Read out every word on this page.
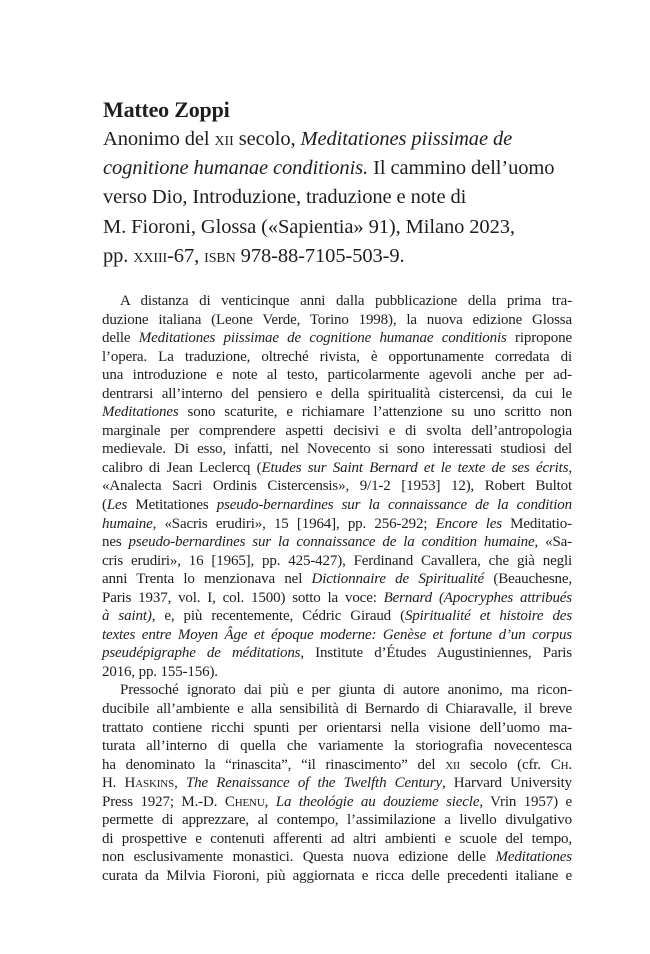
Matteo Zoppi
Anonimo del xii secolo, Meditationes piissimae de
cognitione humanae conditionis. Il cammino dell’uomo
verso Dio, Introduzione, traduzione e note di
M. Fioroni, Glossa («Sapientia» 91), Milano 2023,
pp. xxiii-67, isbn 978-88-7105-503-9.
A distanza di venticinque anni dalla pubblicazione della prima tra-
duzione italiana (Leone Verde, Torino 1998), la nuova edizione Glossa
delle Meditationes piissimae de cognitione humanae conditionis ripropone
l’opera. La traduzione, oltreché rivista, è opportunamente corredata di
una introduzione e note al testo, particolarmente agevoli anche per ad-
dentrarsi all’interno del pensiero e della spiritualità cistercensi, da cui le
Meditationes sono scaturite, e richiamare l’attenzione su uno scritto non
marginale per comprendere aspetti decisivi e di svolta dell’antropologia
medievale. Di esso, infatti, nel Novecento si sono interessati studiosi del
calibro di Jean Leclercq (Etudes sur Saint Bernard et le texte de ses écrits,
«Analecta Sacri Ordinis Cistercensis», 9/1-2 [1953] 12), Robert Bultot
(Les Metitationes pseudo-bernardines sur la connaissance de la condition
humaine, «Sacris erudiri», 15 [1964], pp. 256-292; Encore les Meditatio-
nes pseudo-bernardines sur la connaissance de la condition humaine, «Sa-
cris erudiri», 16 [1965], pp. 425-427), Ferdinand Cavallera, che già negli
anni Trenta lo menzionava nel Dictionnaire de Spiritualité (Beauchesne,
Paris 1937, vol. I, col. 1500) sotto la voce: Bernard (Apocryphes attribués
à saint), e, più recentemente, Cédric Giraud (Spiritualité et histoire des
textes entre Moyen Âge et époque moderne: Genèse et fortune d’un corpus
pseudépigraphe de méditations, Institute d’Études Augustiniennes, Paris
2016, pp. 155-156).
Pressoché ignorato dai più e per giunta di autore anonimo, ma ricon-
ducibile all’ambiente e alla sensibilità di Bernardo di Chiaravalle, il breve
trattato contiene ricchi spunti per orientarsi nella visione dell’uomo ma-
turata all’interno di quella che variamente la storiografia novecentesca
ha denominato la “rinascita”, “il rinascimento” del xii secolo (cfr. Ch.
H. Haskins, The Renaissance of the Twelfth Century, Harvard University
Press 1927; M.-D. Chenu, La theológie au douzieme siecle, Vrin 1957) e
permette di apprezzare, al contempo, l’assimilazione a livello divulgativo
di prospettive e contenuti afferenti ad altri ambienti e scuole del tempo,
non esclusivamente monastici. Questa nuova edizione delle Meditationes
curata da Milvia Fioroni, più aggiornata e ricca delle precedenti italiane e
